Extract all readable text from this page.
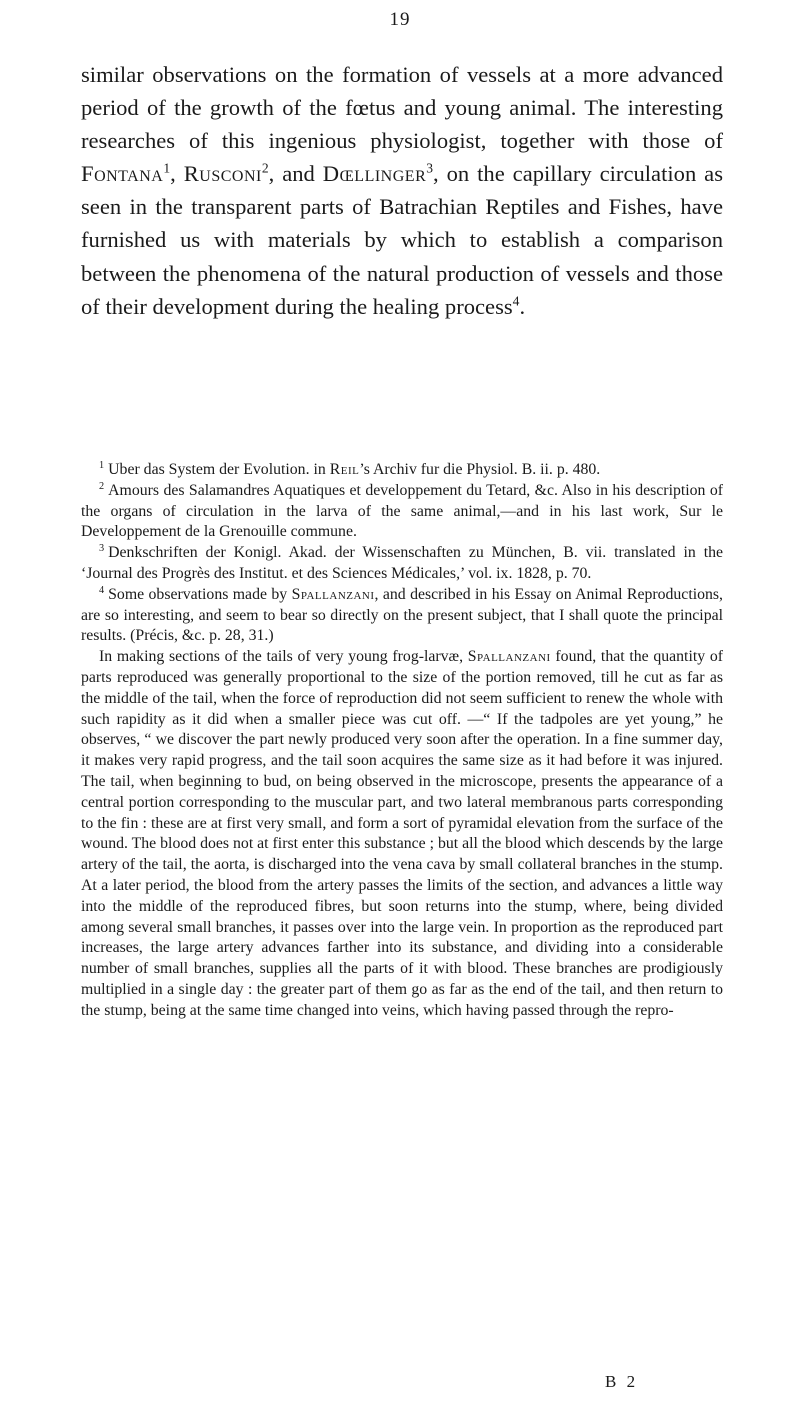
19

similar observations on the formation of vessels at a more advanced period of the growth of the fœtus and young animal. The interesting researches of this ingenious physiologist, together with those of Fontana$^1$, Rusconi$^2$, and Dœllinger$^3$, on the capillary circulation as seen in the transparent parts of Batrachian Reptiles and Fishes, have furnished us with materials by which to establish a comparison between the phenomena of the natural production of vessels and those of their development during the healing process$^4$.

$^1$ Uber das System der Evolution. in Reil’s Archiv fur die Physiol. B. ii. p. 480.

$^2$ Amours des Salamandres Aquatiques et developpement du Tetard, &c. Also in his description of the organs of circulation in the larva of the same animal,—and in his last work, Sur le Developpement de la Grenouille commune.

$^3$ Denkschriften der Konigl. Akad. der Wissenschaften zu München, B. vii. translated in the ‘Journal des Progrès des Institut. et des Sciences Médicales,’ vol. ix. 1828, p. 70.

$^4$ Some observations made by Spallanzani, and described in his Essay on Animal Reproductions, are so interesting, and seem to bear so directly on the present subject, that I shall quote the principal results. (Précis, &c. p. 28, 31.)

In making sections of the tails of very young frog-larvæ, Spallanzani found, that the quantity of parts reproduced was generally proportional to the size of the portion removed, till he cut as far as the middle of the tail, when the force of reproduction did not seem sufficient to renew the whole with such rapidity as it did when a smaller piece was cut off. —“ If the tadpoles are yet young,” he observes, “ we discover the part newly produced very soon after the operation. In a fine summer day, it makes very rapid progress, and the tail soon acquires the same size as it had before it was injured. The tail, when beginning to bud, on being observed in the microscope, presents the appearance of a central portion corresponding to the muscular part, and two lateral membranous parts corresponding to the fin : these are at first very small, and form a sort of pyramidal elevation from the surface of the wound. The blood does not at first enter this substance ; but all the blood which descends by the large artery of the tail, the aorta, is discharged into the vena cava by small collateral branches in the stump. At a later period, the blood from the artery passes the limits of the section, and advances a little way into the middle of the reproduced fibres, but soon returns into the stump, where, being divided among several small branches, it passes over into the large vein. In proportion as the reproduced part increases, the large artery advances farther into its substance, and dividing into a considerable number of small branches, supplies all the parts of it with blood. These branches are prodigiously multiplied in a single day : the greater part of them go as far as the end of the tail, and then return to the stump, being at the same time changed into veins, which having passed through the repro-

B 2
